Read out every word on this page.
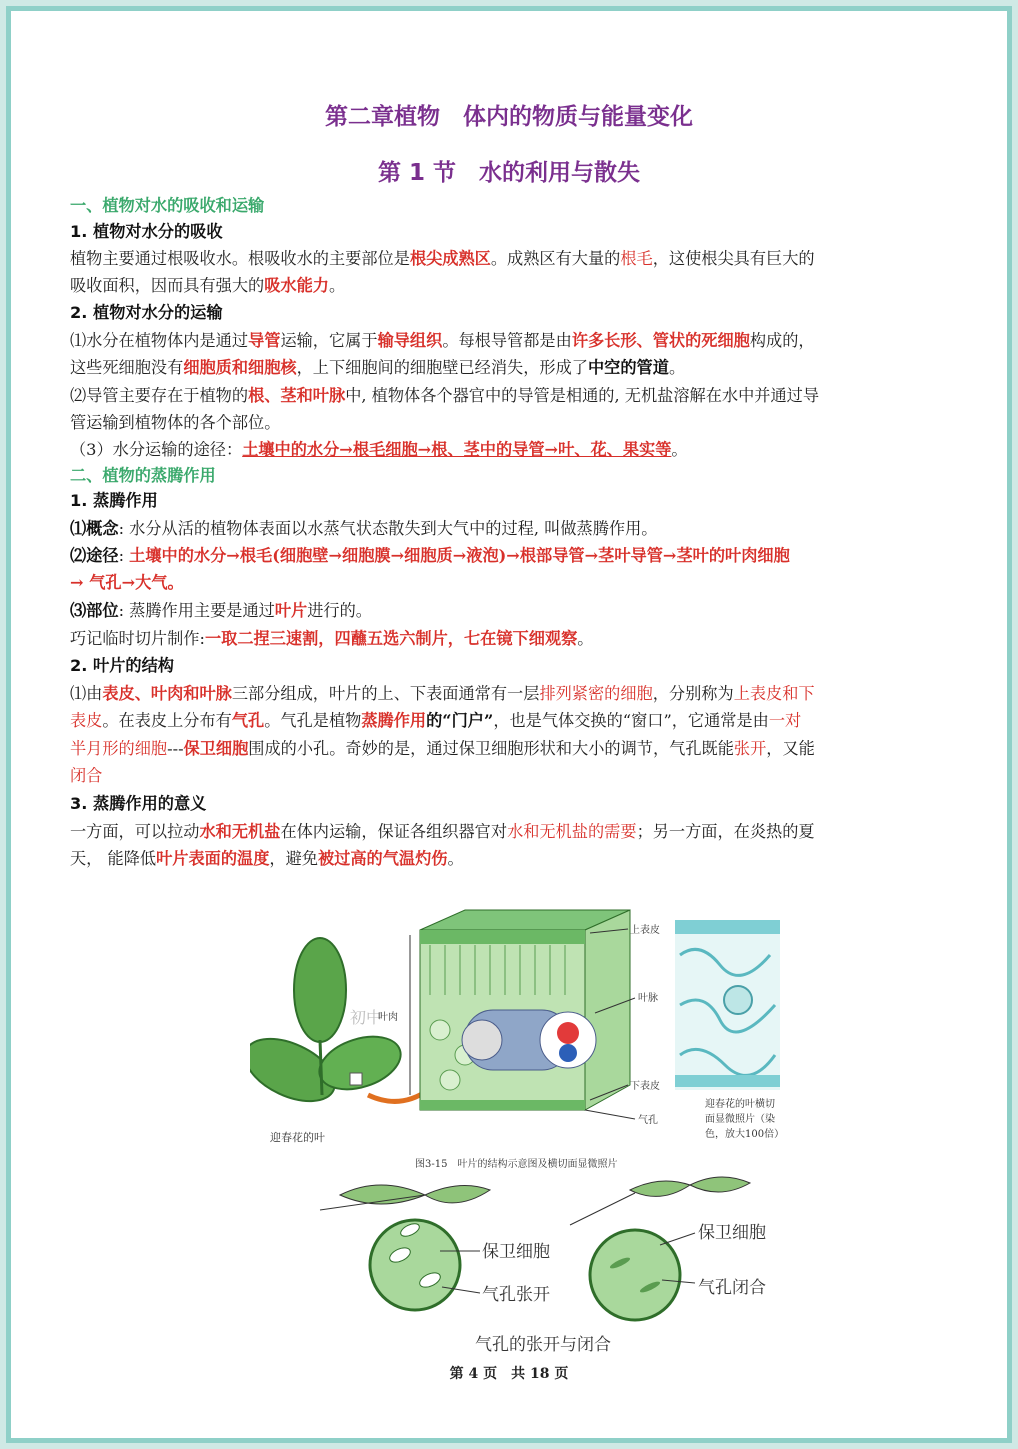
第二章植物　体内的物质与能量变化
第 1 节　水的利用与散失
一、植物对水的吸收和运输
1. 植物对水分的吸收
植物主要通过根吸收水。根吸收水的主要部位是根尖成熟区。成熟区有大量的根毛，这使根尖具有巨大的
吸收面积，因而具有强大的吸水能力。
2. 植物对水分的运输
⑴水分在植物体内是通过导管运输，它属于输导组织。每根导管都是由许多长形、管状的死细胞构成的，
这些死细胞没有细胞质和细胞核，上下细胞间的细胞壁已经消失，形成了中空的管道。
⑵导管主要存在于植物的根、茎和叶脉中, 植物体各个器官中的导管是相通的, 无机盐溶解在水中并通过导
管运输到植物体的各个部位。
（3）水分运输的途径：土壤中的水分→根毛细胞→根、茎中的导管→叶、花、果实等。
二、植物的蒸腾作用
1. 蒸腾作用
⑴概念: 水分从活的植物体表面以水蒸气状态散失到大气中的过程, 叫做蒸腾作用。
⑵途径: 土壤中的水分→根毛(细胞壁→细胞膜→细胞质→液泡)→根部导管→茎叶导管→茎叶的叶肉细胞
→ 气孔→大气。
⑶部位: 蒸腾作用主要是通过叶片进行的。
巧记临时切片制作:一取二捏三速割，四蘸五选六制片，七在镜下细观察。
2. 叶片的结构
⑴由表皮、叶肉和叶脉三部分组成，叶片的上、下表面通常有一层排列紧密的细胞，分别称为上表皮和下
表皮。在表皮上分布有气孔。气孔是植物蒸腾作用的“门户”，也是气体交换的“窗口”，它通常是由一对
半月形的细胞---保卫细胞围成的小孔。奇妙的是，通过保卫细胞形状和大小的调节，气孔既能张开，又能
闭合
3. 蒸腾作用的意义
一方面，可以拉动水和无机盐在体内运输，保证各组织器官对水和无机盐的需要；另一方面，在炎热的夏
天， 能降低叶片表面的温度，避免被过高的气温灼伤。
迎春花的叶
初中
叶肉
上表皮
叶脉
下表皮
气孔
迎春花的叶横切
面显微照片（染
色，放大100倍）
图3-15　叶片的结构示意图及横切面显微照片
保卫细胞
气孔张开
保卫细胞
气孔闭合
气孔的张开与闭合
第 4 页　共 18 页
